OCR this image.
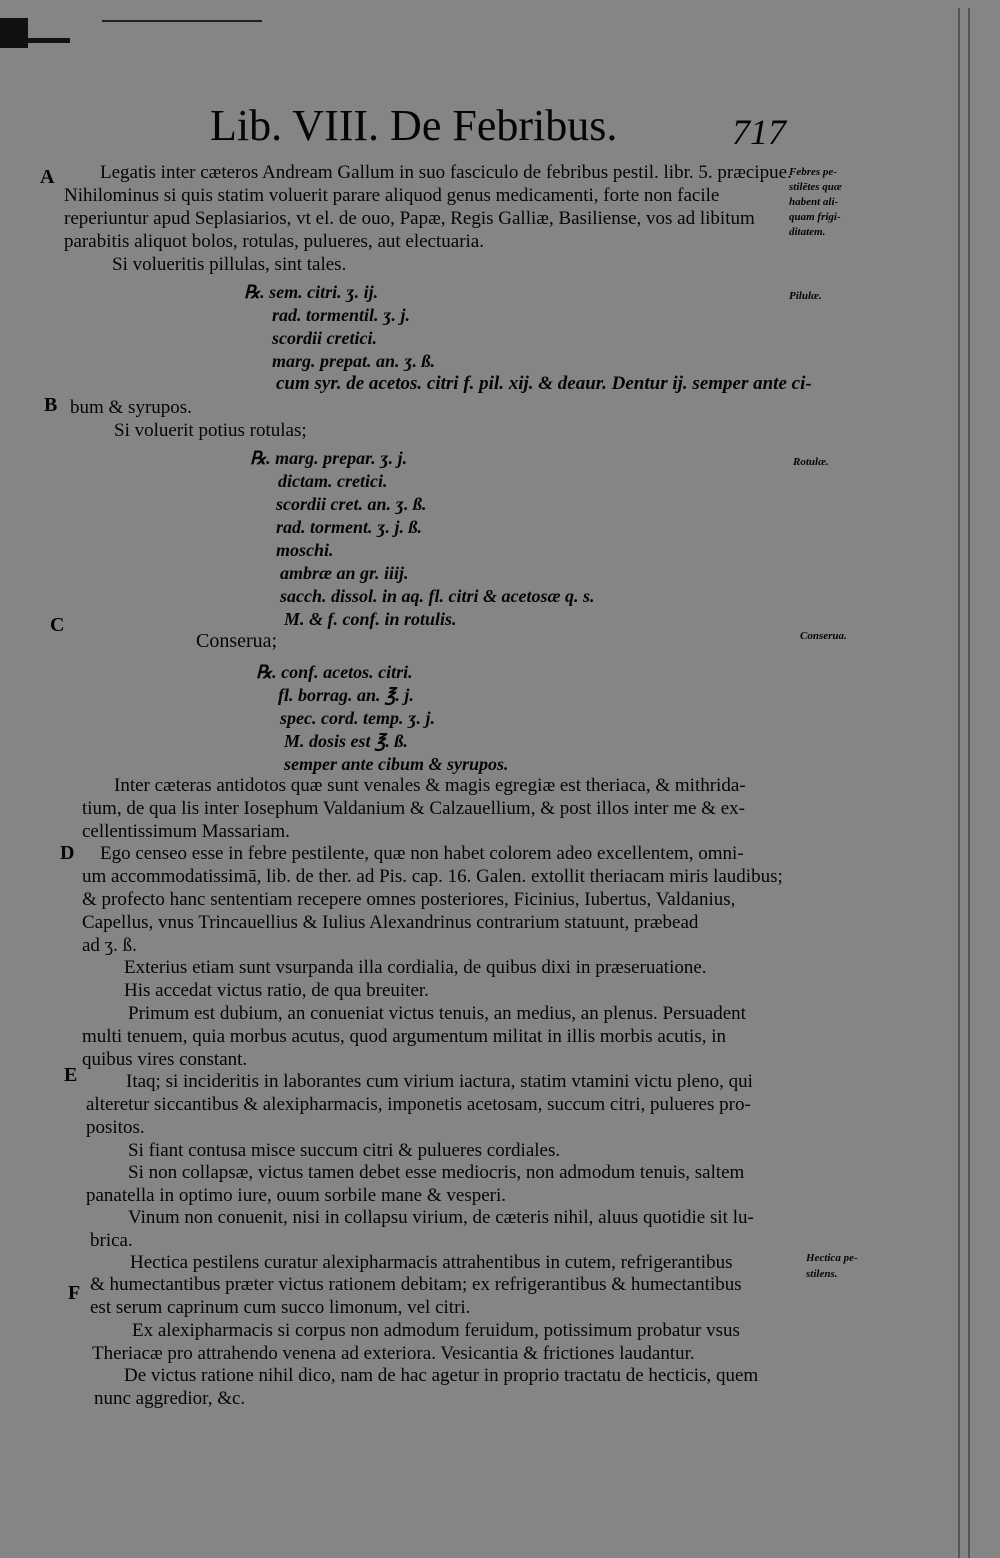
Lib. VIII. De Febribus.	717
A
B
C
D
E
F
Febres pe-
stilētes quæ
habent ali-
quam frigi-
ditatem.
Pilulæ.
Rotulæ.
Conserua.
Hectica pe-
stilens.
Legatis inter cæteros Andream Gallum in suo fasciculo de febribus pestil. libr. 5. præcipue.
Nihilominus si quis statim voluerit parare aliquod genus medicamenti, forte non facile
reperiuntur apud Seplasiarios, vt el. de ouo, Papæ, Regis Galliæ, Basiliense, vos ad libitum
parabitis aliquot bolos, rotulas, pulueres, aut electuaria.
Si volueritis pillulas, sint tales.
℞. sem. citri. ʒ. ij.
rad. tormentil. ʒ. j.
scordii cretici.
marg. prepat. an. ʒ. ß.
cum syr. de acetos. citri f. pil. xij. & deaur. Dentur ij. semper ante ci-
bum & syrupos.
Si voluerit potius rotulas;
℞. marg. prepar. ʒ. j.
dictam. cretici.
scordii cret. an. ʒ. ß.
rad. torment. ʒ. j. ß.
moschi.
ambræ an gr. iiij.
sacch. dissol. in aq. fl. citri & acetosæ q. s.
M. & f. conf. in rotulis.
Conserua;
℞. conf. acetos. citri.
fl. borrag. an. ℥. j.
spec. cord. temp. ʒ. j.
M. dosis est ℥. ß.
semper ante cibum & syrupos.
Inter cæteras antidotos quæ sunt venales & magis egregiæ est theriaca, & mithrida-
tium, de qua lis inter Iosephum Valdanium & Calzauellium, & post illos inter me & ex-
cellentissimum Massariam.
Ego censeo esse in febre pestilente, quæ non habet colorem adeo excellentem, omni-
um accommodatissimā, lib. de ther. ad Pis. cap. 16. Galen. extollit theriacam miris laudibus;
& profecto hanc sententiam recepere omnes posteriores, Ficinius, Iubertus, Valdanius,
Capellus, vnus Trincauellius & Iulius Alexandrinus contrarium statuunt, præbead
ad ʒ. ß.
Exterius etiam sunt vsurpanda illa cordialia, de quibus dixi in præseruatione.
His accedat victus ratio, de qua breuiter.
Primum est dubium, an conueniat victus tenuis, an medius, an plenus. Persuadent
multi tenuem, quia morbus acutus, quod argumentum militat in illis morbis acutis, in
quibus vires constant.
Itaq; si incideritis in laborantes cum virium iactura, statim vtamini victu pleno, qui
alteretur siccantibus & alexipharmacis, imponetis acetosam, succum citri, pulueres pro-
positos.
Si fiant contusa misce succum citri & pulueres cordiales.
Si non collapsæ, victus tamen debet esse mediocris, non admodum tenuis, saltem
panatella in optimo iure, ouum sorbile mane & vesperi.
Vinum non conuenit, nisi in collapsu virium, de cæteris nihil, aluus quotidie sit lu-
brica.
Hectica pestilens curatur alexipharmacis attrahentibus in cutem, refrigerantibus
& humectantibus præter victus rationem debitam; ex refrigerantibus & humectantibus
est serum caprinum cum succo limonum, vel citri.
Ex alexipharmacis si corpus non admodum feruidum, potissimum probatur vsus
Theriacæ pro attrahendo venena ad exteriora. Vesicantia & frictiones laudantur.
De victus ratione nihil dico, nam de hac agetur in proprio tractatu de hecticis, quem
nunc aggredior, &c.
